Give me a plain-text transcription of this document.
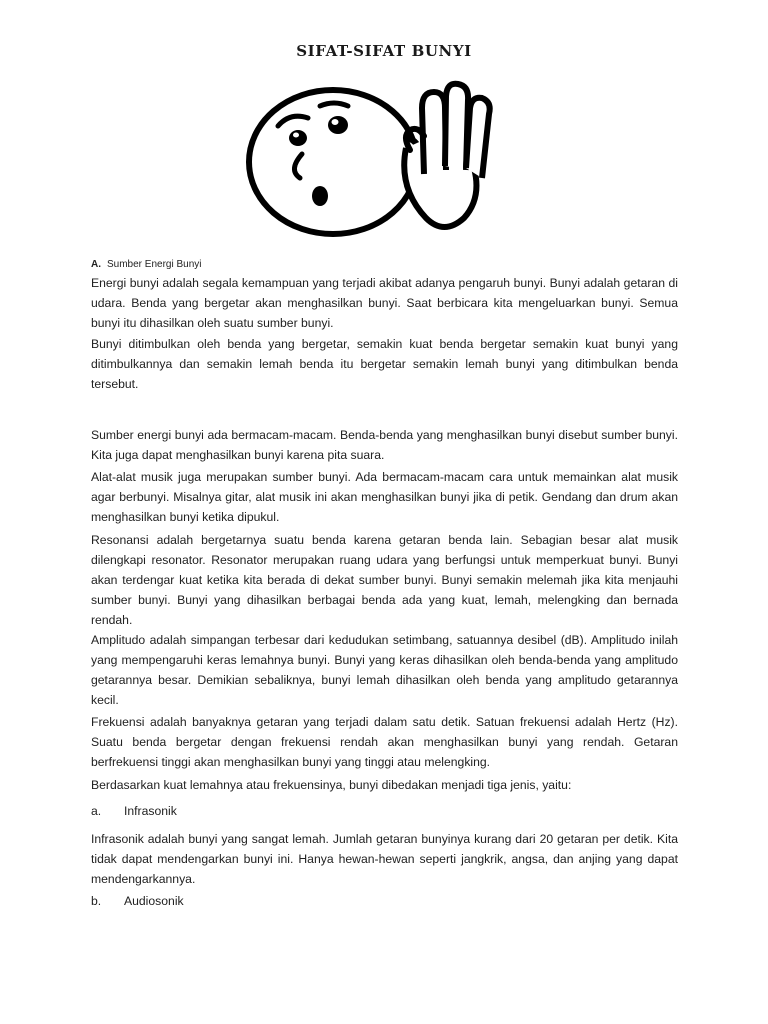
SIFAT-SIFAT BUNYI
A. Sumber Energi Bunyi

Energi bunyi adalah segala kemampuan yang terjadi akibat adanya pengaruh bunyi. Bunyi adalah getaran di udara. Benda yang bergetar akan menghasilkan bunyi. Saat berbicara kita mengeluarkan bunyi. Semua bunyi itu dihasilkan oleh suatu sumber bunyi.

Bunyi ditimbulkan oleh benda yang bergetar, semakin kuat benda bergetar semakin kuat bunyi yang ditimbulkannya dan semakin lemah benda itu bergetar semakin lemah bunyi yang ditimbulkan benda tersebut.

Sumber energi bunyi ada bermacam-macam. Benda-benda yang menghasilkan bunyi disebut sumber bunyi. Kita juga dapat menghasilkan bunyi karena pita suara.

Alat-alat musik juga merupakan sumber bunyi. Ada bermacam-macam cara untuk memainkan alat musik agar berbunyi. Misalnya gitar, alat musik ini akan menghasilkan bunyi jika di petik. Gendang dan drum akan menghasilkan bunyi ketika dipukul.

Resonansi adalah bergetarnya suatu benda karena getaran benda lain. Sebagian besar alat musik dilengkapi resonator. Resonator merupakan ruang udara yang berfungsi untuk memperkuat bunyi. Bunyi akan terdengar kuat ketika kita berada di dekat sumber bunyi. Bunyi semakin melemah jika kita menjauhi sumber bunyi. Bunyi yang dihasilkan berbagai benda ada yang kuat, lemah, melengking dan bernada rendah.

Amplitudo adalah simpangan terbesar dari kedudukan setimbang, satuannya desibel (dB). Amplitudo inilah yang mempengaruhi keras lemahnya bunyi. Bunyi yang keras dihasilkan oleh benda-benda yang amplitudo getarannya besar. Demikian sebaliknya, bunyi lemah dihasilkan oleh benda yang amplitudo getarannya kecil.

Frekuensi adalah banyaknya getaran yang terjadi dalam satu detik. Satuan frekuensi adalah Hertz (Hz). Suatu benda bergetar dengan frekuensi rendah akan menghasilkan bunyi yang rendah. Getaran berfrekuensi tinggi akan menghasilkan bunyi yang tinggi atau melengking.

Berdasarkan kuat lemahnya atau frekuensinya, bunyi dibedakan menjadi tiga jenis, yaitu:

a. Infrasonik

Infrasonik adalah bunyi yang sangat lemah. Jumlah getaran bunyinya kurang dari 20 getaran per detik. Kita tidak dapat mendengarkan bunyi ini. Hanya hewan-hewan seperti jangkrik, angsa, dan anjing yang dapat mendengarkannya.

b. Audiosonik
